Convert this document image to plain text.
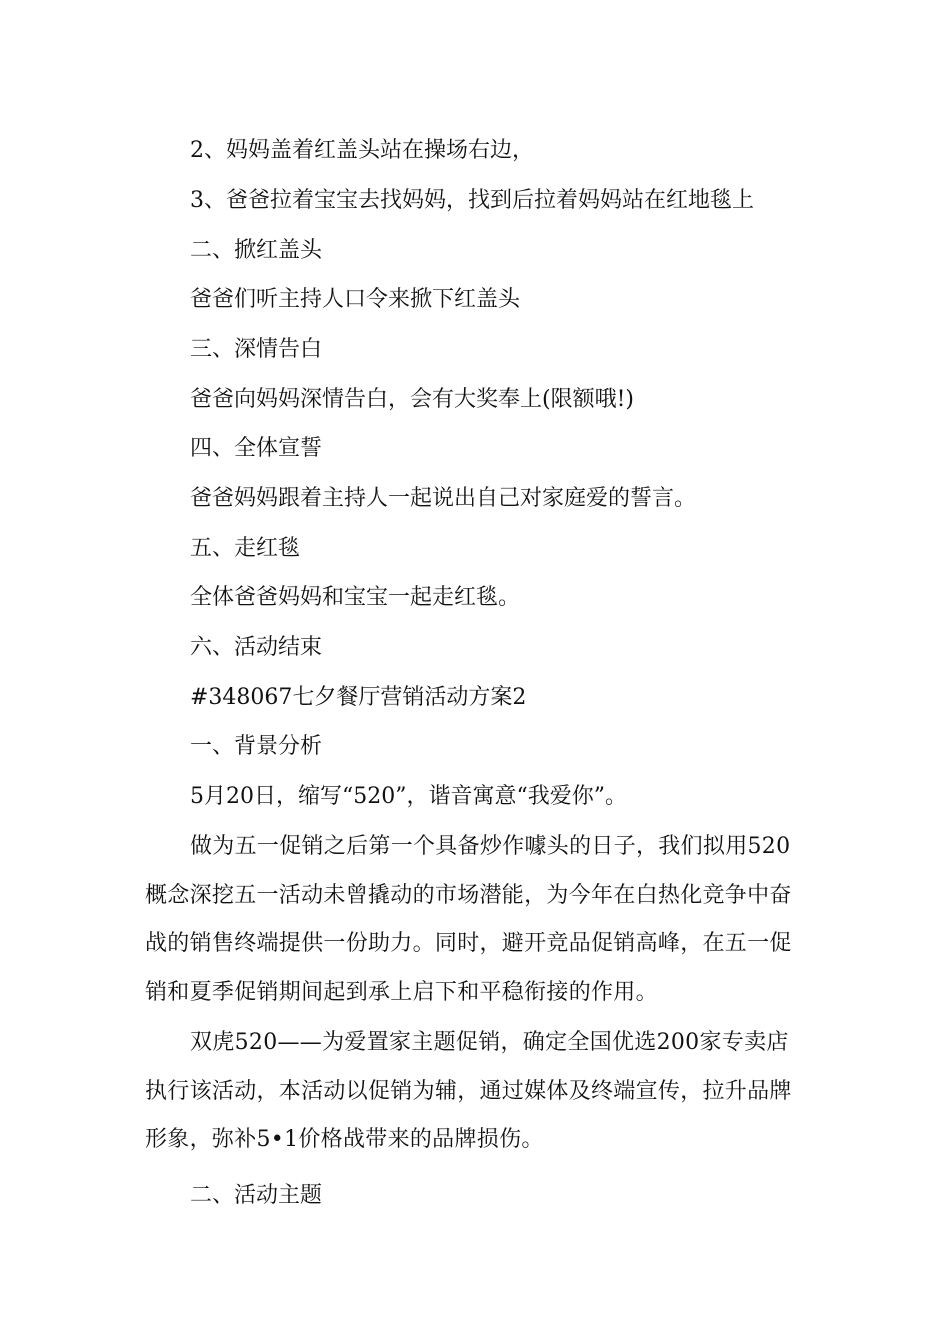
2、妈妈盖着红盖头站在操场右边，

3、爸爸拉着宝宝去找妈妈，找到后拉着妈妈站在红地毯上

二、掀红盖头

爸爸们听主持人口令来掀下红盖头

三、深情告白

爸爸向妈妈深情告白，会有大奖奉上(限额哦!)

四、全体宣誓

爸爸妈妈跟着主持人一起说出自己对家庭爱的誓言。

五、走红毯

全体爸爸妈妈和宝宝一起走红毯。

六、活动结束

#348067七夕餐厅营销活动方案2

一、背景分析

5月20日，缩写“520”，谐音寓意“我爱你”。

做为五一促销之后第一个具备炒作噱头的日子，我们拟用520概念深挖五一活动未曾撬动的市场潜能，为今年在白热化竞争中奋战的销售终端提供一份助力。同时，避开竞品促销高峰，在五一促销和夏季促销期间起到承上启下和平稳衔接的作用。

双虎520——为爱置家主题促销，确定全国优选200家专卖店执行该活动，本活动以促销为辅，通过媒体及终端宣传，拉升品牌形象，弥补5•1价格战带来的品牌损伤。

二、活动主题
